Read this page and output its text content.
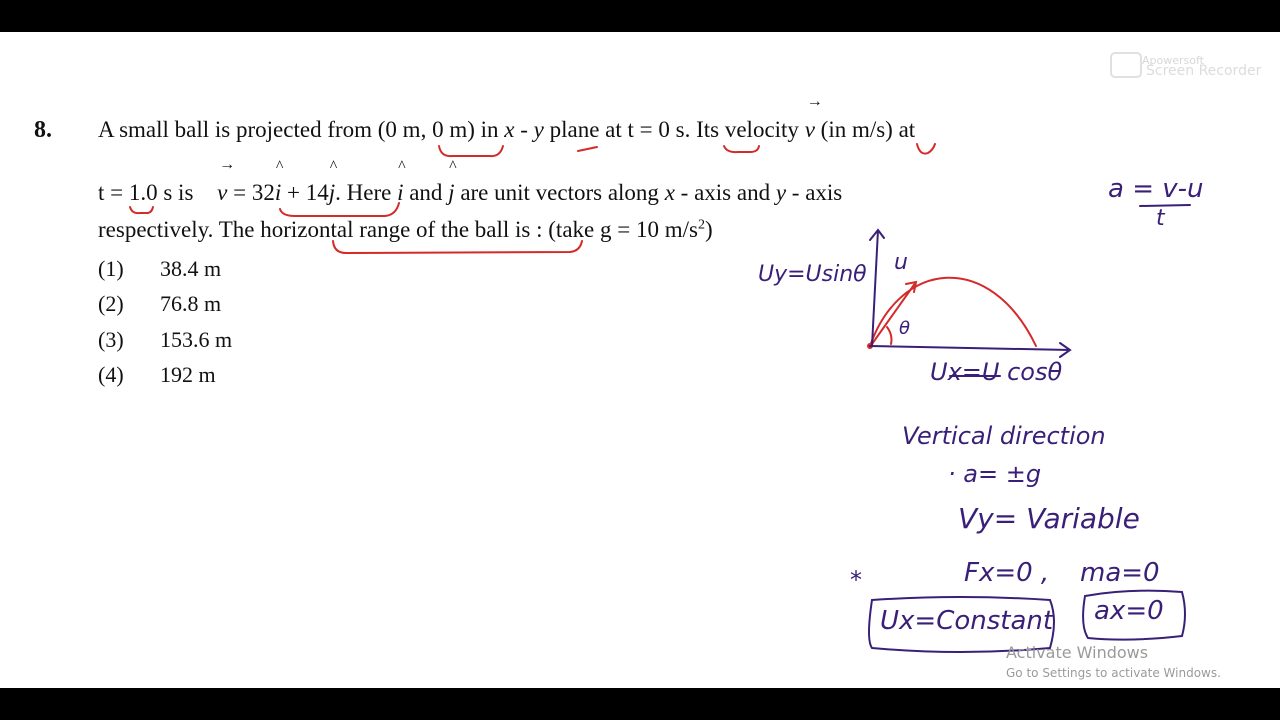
Apowersoft
Screen Recorder
8. A small ball is projected from (0 m, 0 m) in x - y plane at t = 0 s. Its velocity
→
v (in m/s) at
t = 1.0 s is
→
v = 32
^
i + 14
^
j. Here
^
i and
^
j are unit vectors along x - axis and y - axis
respectively. The horizontal range of the ball is : (take g = 10 $m/s^2$)
(1) 38.4 m
(2) 76.8 m
(3) 153.6 m
(4) 192 m
a = v-u
t
Uy=Usinθ u
θ
Ux=U cosθ
Vertical direction
· a= ±g
Vy= Variable
Fx=0 , ma=0
*
Ux=Constant ax=0
Activate Windows
Go to Settings to activate Windows.
